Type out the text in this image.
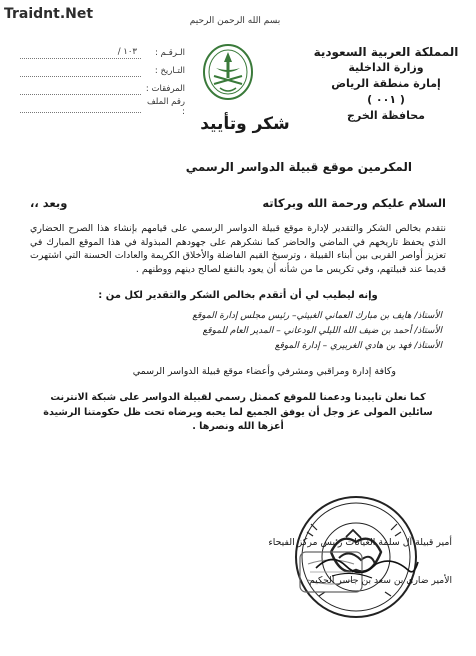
Traidnt.Net	بسم الله الرحمن الرحيم
المملكة العربية السعودية
وزارة الداخلية
إمارة منطقة الرياض
( ٠٠١ )
محافظة الخرج
الـرقـم :
١٠٣ /
التـاريخ :
المرفقات :
رقم الملف :
شكر وتأييد
المكرمين موقع قبيلة الدواسر الرسمي
السلام عليكم ورحمة الله وبركاته
وبعد ،،
نتقدم بخالص الشكر والتقدير لإدارة موقع قبيلة الدواسر الرسمي على قيامهم بإنشاء هذا الصرح الحضاري الذي يحفظ تاريخهم في الماضي والحاضر كما نشكرهم على جهودهم المبذولة في هذا الموقع المبارك في تعزيز أواصر القربى بين أبناء القبيلة ، وترسيخ القيم الفاضلة والأخلاق الكريمة والعادات الحسنة التي اشتهرت قديما عند قبيلتهم، وفي تكريس ما من شأنه أن يعود بالنفع لصالح دينهم ووطنهم .
وإنه ليطيب لي أن أتقدم بخالص الشكر والتقدير لكل من :
الأستاذ/ هايف بن مبارك العماني الغبيثي– رئيس مجلس إدارة الموقع
الأستاذ/ أحمد بن ضيف الله الليلي الودعاني – المدير العام للموقع
الأستاذ/ فهد بن هادي الغربيري – إدارة الموقع
وكافة إدارة ومراقبي ومشرفي وأعضاء موقع قبيلة الدواسر الرسمي
كما نعلن تاييدنا ودعمنا للموقع كممثل رسمي لقبيلة الدواسر على شبكة الانترنت سائلين المولى عز وجل أن يوفق الجميع لما يحبه ويرضاه تحت ظل حكومتنا الرشيدة أعزها الله ونصرها .
أمير قبيلة آل سلمة الغياثات رئيس مركز الفيحاء
الأمير ضاري بن سعد بن جاسر الحكيم
